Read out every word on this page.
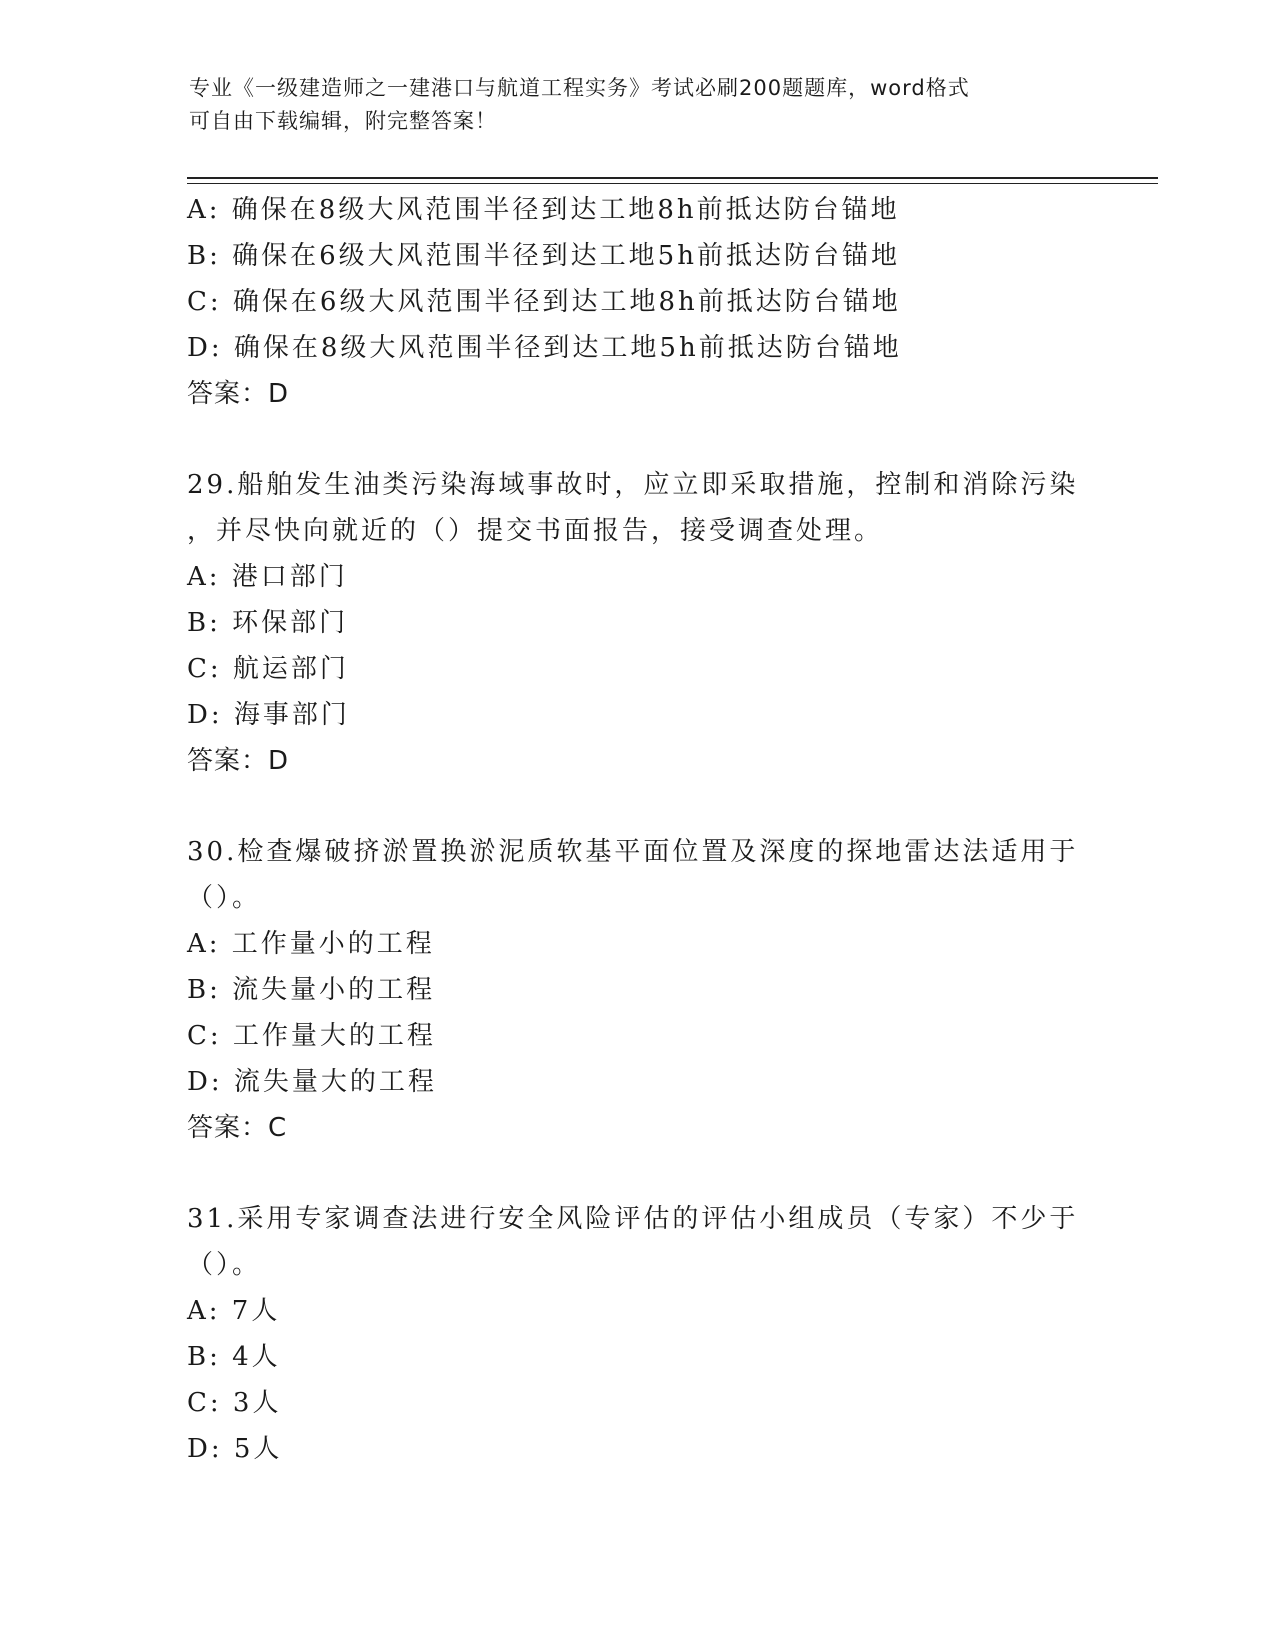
专业《一级建造师之一建港口与航道工程实务》考试必刷200题题库，word格式
可自由下载编辑，附完整答案！
A: 确保在8级大风范围半径到达工地8h前抵达防台锚地
B: 确保在6级大风范围半径到达工地5h前抵达防台锚地
C: 确保在6级大风范围半径到达工地8h前抵达防台锚地
D: 确保在8级大风范围半径到达工地5h前抵达防台锚地
答案：D
29.船舶发生油类污染海域事故时，应立即采取措施，控制和消除污染
，并尽快向就近的（）提交书面报告，接受调查处理。
A: 港口部门
B: 环保部门
C: 航运部门
D: 海事部门
答案：D
30.检查爆破挤淤置换淤泥质软基平面位置及深度的探地雷达法适用于
（）。
A: 工作量小的工程
B: 流失量小的工程
C: 工作量大的工程
D: 流失量大的工程
答案：C
31.采用专家调查法进行安全风险评估的评估小组成员（专家）不少于
（）。
A: 7人
B: 4人
C: 3人
D: 5人
